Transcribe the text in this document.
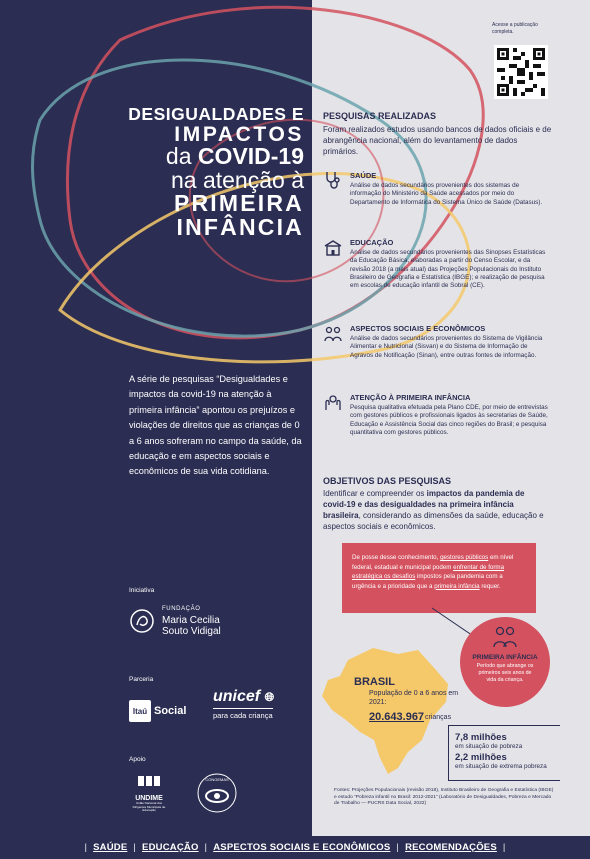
DESIGUALDADES E
IMPACTOS
da COVID-19
na atenção à
PRIMEIRA
INFÂNCIA
A série de pesquisas “Desigualdades e impactos da covid-19 na atenção à primeira infância” apontou os prejuízos e violações de direitos que as crianças de 0 a 6 anos sofreram no campo da saúde, da educação e em aspectos sociais e econômicos de sua vida cotidiana.
Iniciativa
FUNDAÇÃO
Maria Cecilia
Souto Vidigal
Parceria
Itaú Social
unicef 🌐︎
para cada criança
Apoio
UNDIME
União Nacional dos Dirigentes Municipais de Educação
CONGEMAS
Acesse a publicação completa.
PESQUISAS REALIZADAS
Foram realizados estudos usando bancos de dados oficiais e de abrangência nacional, além do levantamento de dados primários.
SAÚDE
Análise de dados secundários provenientes dos sistemas de informação do Ministério da Saúde acessados por meio do Departamento de Informática do Sistema Único de Saúde (Datasus).
EDUCAÇÃO
Análise de dados secundários provenientes das Sinopses Estatísticas da Educação Básica, elaboradas a partir do Censo Escolar, e da revisão 2018 (a mais atual) das Projeções Populacionais do Instituto Brasileiro de Geografia e Estatística (IBGE); e realização de pesquisa em escolas de educação infantil de Sobral (CE).
ASPECTOS SOCIAIS E ECONÔMICOS
Análise de dados secundários provenientes do Sistema de Vigilância Alimentar e Nutricional (Sisvan) e do Sistema de Informação de Agravos de Notificação (Sinan), entre outras fontes de informação.
ATENÇÃO À PRIMEIRA INFÂNCIA
Pesquisa qualitativa efetuada pela Plano CDE, por meio de entrevistas com gestores públicos e profissionais ligados às secretarias de Saúde, Educação e Assistência Social das cinco regiões do Brasil; e pesquisa quantitativa com gestores públicos.
OBJETIVOS DAS PESQUISAS
Identificar e compreender os impactos da pandemia de covid-19 e das desigualdades na primeira infância brasileira, considerando as dimensões da saúde, educação e aspectos sociais e econômicos.
De posse desse conhecimento, gestores públicos em nível federal, estadual e municipal podem enfrentar de forma estratégica os desafios impostos pela pandemia com a urgência e a prioridade que a primeira infância requer.
BRASIL
População de 0 a 6 anos em 2021:
20.643.967 crianças
PRIMEIRA INFÂNCIA
Período que abrange os primeiros seis anos de vida da criança.
7,8 milhões
em situação de pobreza
2,2 milhões
em situação de extrema pobreza
Fontes: Projeções Populacionais (revisão 2018), Instituto Brasileiro de Geografia e Estatística (IBGE) e estudo “Pobreza infantil no Brasil: 2012-2021” (Laboratório de Desigualdades, Pobreza e Mercado de Trabalho — PUCRS Data Social, 2022)
| SAÚDE | EDUCAÇÃO | ASPECTOS SOCIAIS E ECONÔMICOS | RECOMENDAÇÕES |
